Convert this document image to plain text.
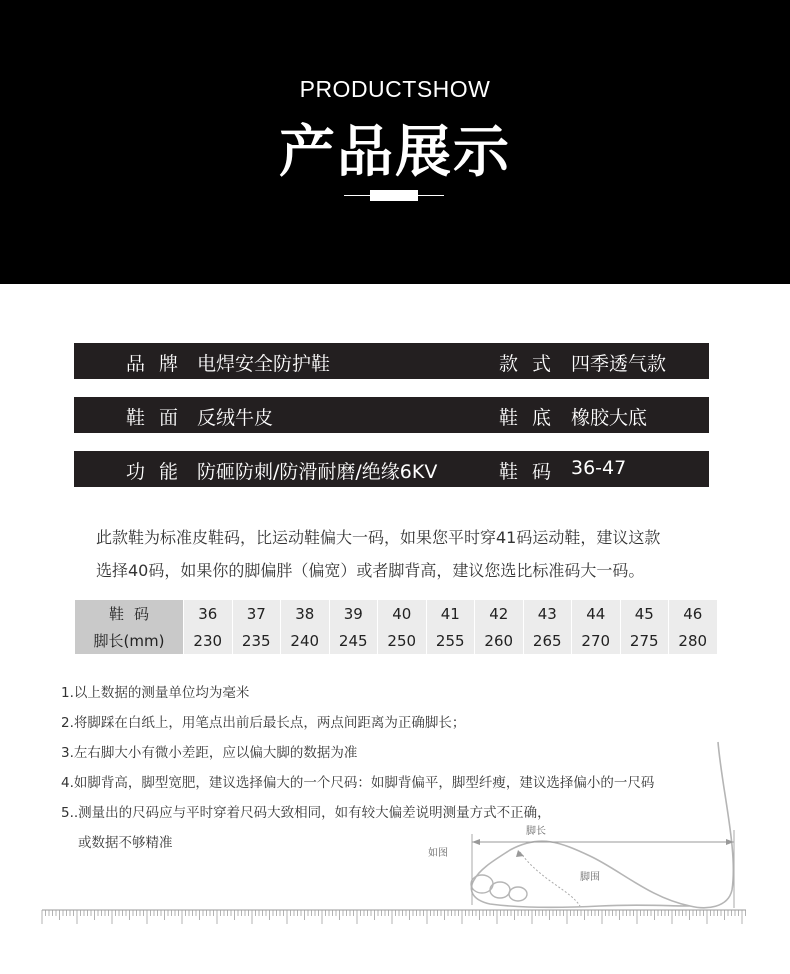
PRODUCTSHOW
产品展示
品牌 电焊安全防护鞋	款式 四季透气款
鞋面 反绒牛皮	鞋底 橡胶大底
功能 防砸防刺/防滑耐磨/绝缘6KV	鞋码 36-47
此款鞋为标准皮鞋码，比运动鞋偏大一码，如果您平时穿41码运动鞋，建议这款
选择40码，如果你的脚偏胖（偏宽）或者脚背高，建议您选比标准码大一码。
鞋码	36	37	38	39	40	41	42	43	44	45	46
脚长(mm)	230	235	240	245	250	255	260	265	270	275	280
脚长
如图
脚围
1.以上数据的测量单位均为毫米
2.将脚踩在白纸上，用笔点出前后最长点，两点间距离为正确脚长；
3.左右脚大小有微小差距，应以偏大脚的数据为准
4.如脚背高，脚型宽肥，建议选择偏大的一个尺码：如脚背偏平，脚型纤瘦，建议选择偏小的一尺码
5..测量出的尺码应与平时穿着尺码大致相同，如有较大偏差说明测量方式不正确，
或数据不够精准
